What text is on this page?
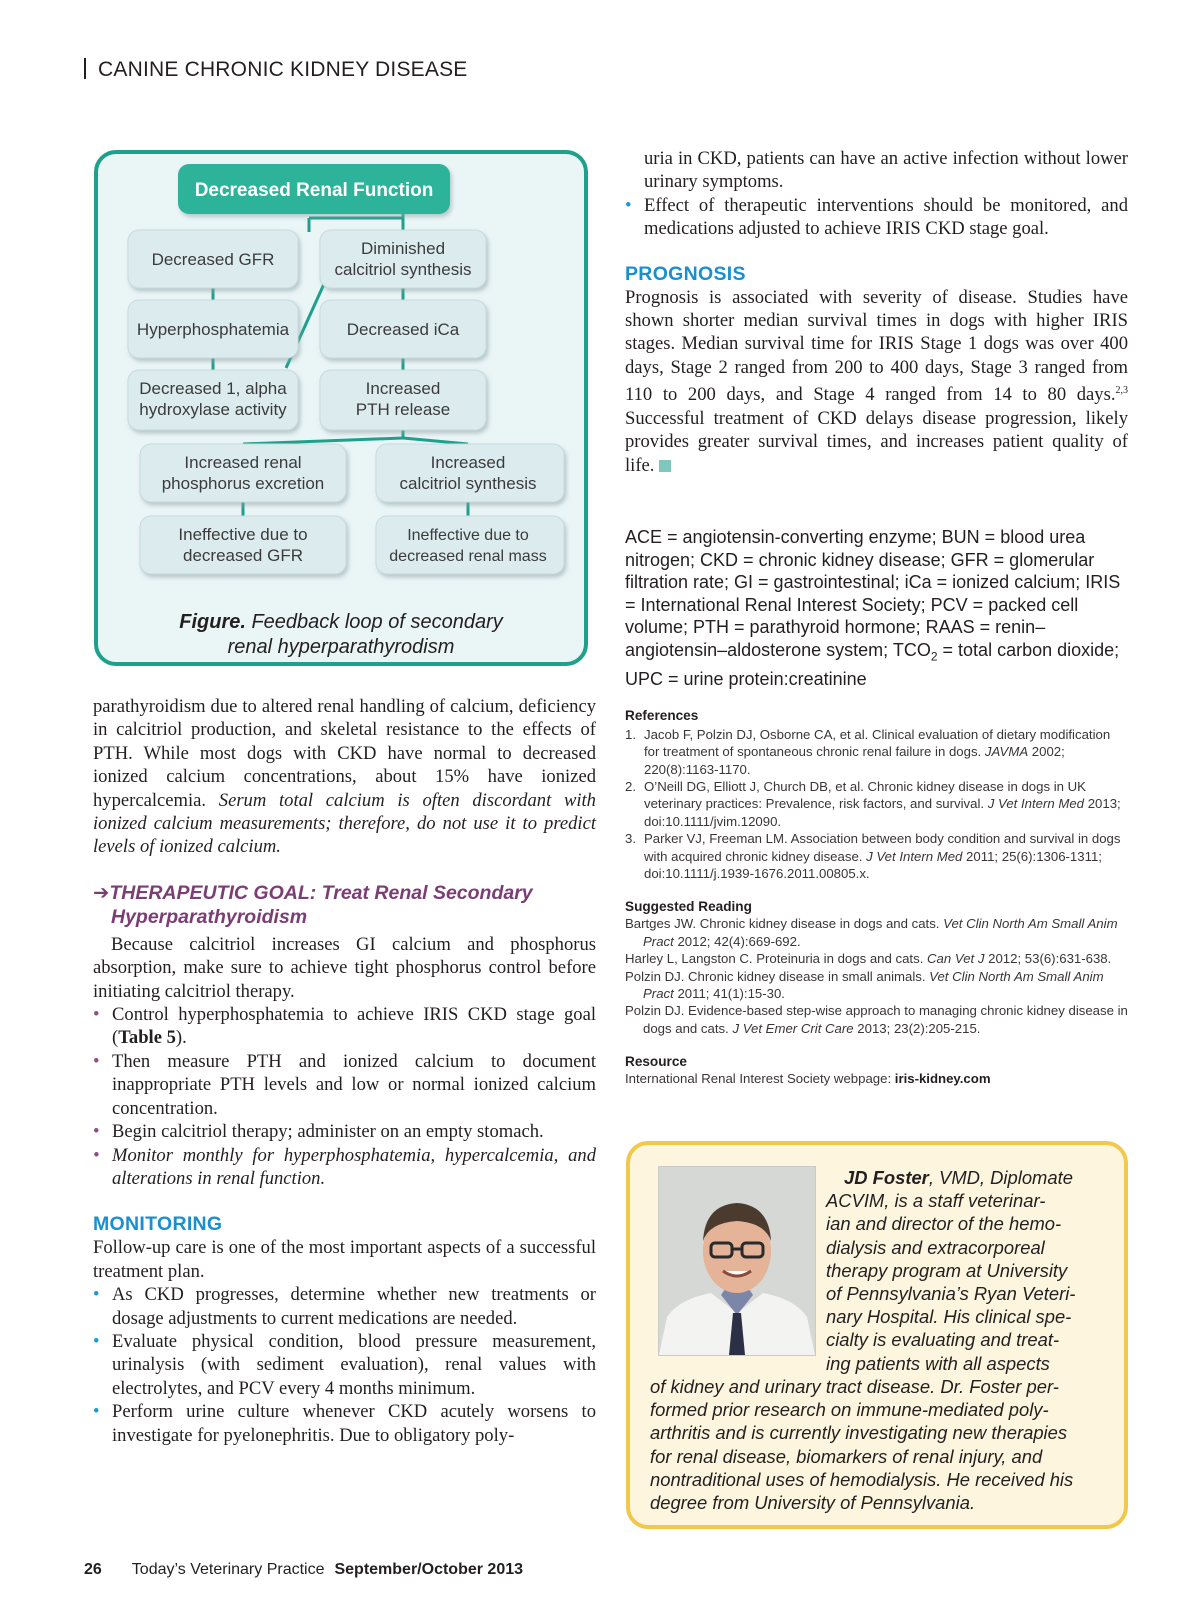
CANINE CHRONIC KIDNEY DISEASE
Decreased Renal Function
Decreased GFR
Diminished
calcitriol synthesis
Hyperphosphatemia	Decreased iCa
Decreased 1, alpha
hydroxylase activity
Increased
PTH release
Increased renal
phosphorus excretion
Increased
calcitriol synthesis
Ineffective due to
decreased GFR
Ineffective due to
decreased renal mass
Figure. Feedback loop of secondary
renal hyperparathyrodism

parathyroidism due to altered renal handling of calcium, deficiency in calcitriol production, and skeletal resistance to the effects of PTH. While most dogs with CKD have normal to decreased ionized calcium concentrations, about 15% have ionized hypercalcemia. Serum total calcium is often discordant with ionized calcium measurements; therefore, do not use it to predict levels of ionized calcium.

➔THERAPEUTIC GOAL: Treat Renal Secondary
Hyperparathyroidism

Because calcitriol increases GI calcium and phosphorus absorption, make sure to achieve tight phosphorus control before initiating calcitriol therapy.

• Control hyperphosphatemia to achieve IRIS CKD stage goal (Table 5).
• Then measure PTH and ionized calcium to document inappropriate PTH levels and low or normal ionized calcium concentration.
• Begin calcitriol therapy; administer on an empty stomach.
• Monitor monthly for hyperphosphatemia, hypercalcemia, and alterations in renal function.
MONITORING

Follow-up care is one of the most important aspects of a successful treatment plan.

• As CKD progresses, determine whether new treatments or dosage adjustments to current medications are needed.
• Evaluate physical condition, blood pressure measurement, urinalysis (with sediment evaluation), renal values with electrolytes, and PCV every 4 months minimum.
• Perform urine culture whenever CKD acutely worsens to investigate for pyelonephritis. Due to obligatory poly-

uria in CKD, patients can have an active infection without lower urinary symptoms.

• Effect of therapeutic interventions should be monitored, and medications adjusted to achieve IRIS CKD stage goal.
PROGNOSIS

Prognosis is associated with severity of disease. Studies have shown shorter median survival times in dogs with higher IRIS stages. Median survival time for IRIS Stage 1 dogs was over 400 days, Stage 2 ranged from 200 to 400 days, Stage 3 ranged from 110 to 200 days, and Stage 4 ranged from 14 to 80 days.$^{2,3}$ Successful treatment of CKD delays disease progression, likely provides greater survival times, and increases patient quality of life.

ACE = angiotensin-converting enzyme; BUN = blood urea nitrogen; CKD = chronic kidney disease; GFR = glomerular filtration rate; GI = gastrointestinal; iCa = ionized calcium; IRIS = International Renal Interest Society; PCV = packed cell volume; PTH = parathyroid hormone; RAAS = renin–angiotensin–aldosterone system; $TCO_2$ = total carbon dioxide; UPC = urine protein:creatinine
References
1. Jacob F, Polzin DJ, Osborne CA, et al. Clinical evaluation of dietary modification for treatment of spontaneous chronic renal failure in dogs. JAVMA 2002; 220(8):1163-1170.
2. O’Neill DG, Elliott J, Church DB, et al. Chronic kidney disease in dogs in UK veterinary practices: Prevalence, risk factors, and survival. J Vet Intern Med 2013; doi:10.1111/jvim.12090.
3. Parker VJ, Freeman LM. Association between body condition and survival in dogs with acquired chronic kidney disease. J Vet Intern Med 2011; 25(6):1306-1311; doi:10.1111/j.1939-1676.2011.00805.x.
Suggested Reading

Bartges JW. Chronic kidney disease in dogs and cats. Vet Clin North Am Small Anim Pract 2012; 42(4):669-692.

Harley L, Langston C. Proteinuria in dogs and cats. Can Vet J 2012; 53(6):631-638.

Polzin DJ. Chronic kidney disease in small animals. Vet Clin North Am Small Anim Pract 2011; 41(1):15-30.

Polzin DJ. Evidence-based step-wise approach to managing chronic kidney disease in dogs and cats. J Vet Emer Crit Care 2013; 23(2):205-215.

Resource
International Renal Interest Society webpage: iris-kidney.com
JD Foster, VMD, Diplomate
ACVIM, is a staff veterinar-
ian and director of the hemo-
dialysis and extracorporeal
therapy program at University
of Pennsylvania’s Ryan Veteri-
nary Hospital. His clinical spe-
cialty is evaluating and treat-
ing patients with all aspects
of kidney and urinary tract disease. Dr. Foster per-
formed prior research on immune-mediated poly-
arthritis and is currently investigating new therapies
for renal disease, biomarkers of renal injury, and
nontraditional uses of hemodialysis. He received his
degree from University of Pennsylvania.
26 Today’s Veterinary Practice September/October 2013
